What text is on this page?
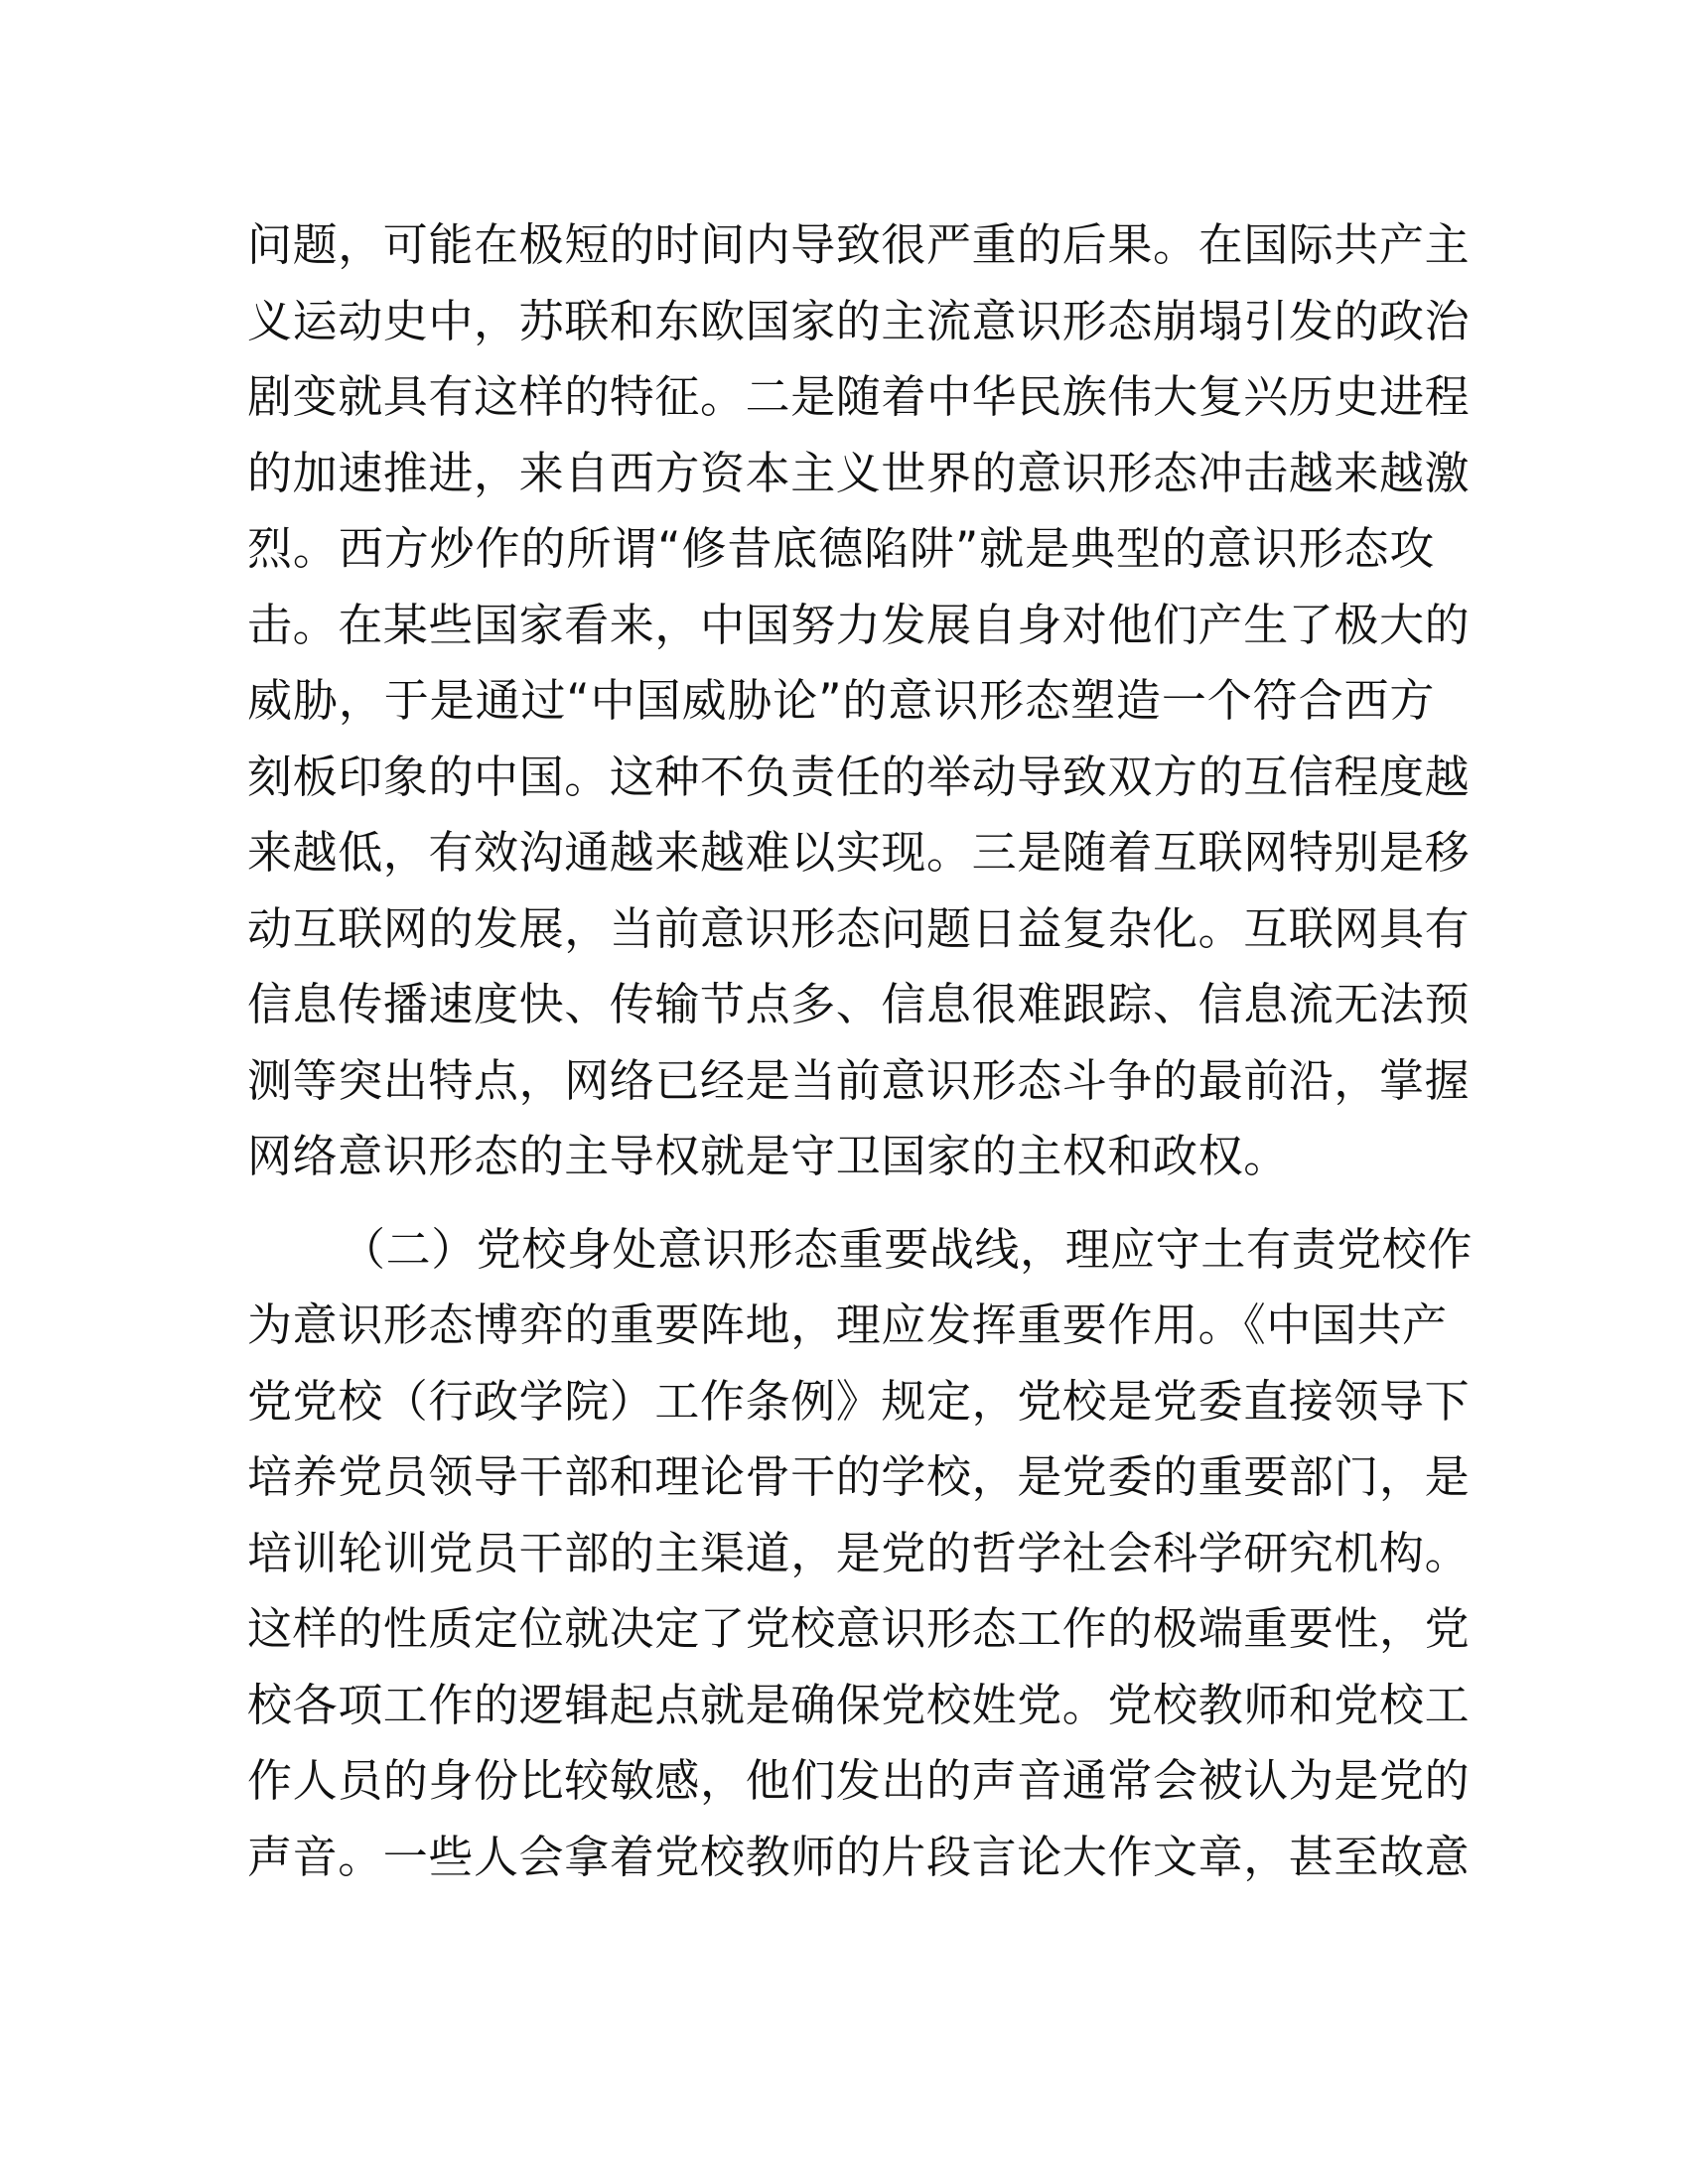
问题，可能在极短的时间内导致很严重的后果。在国际共产主
义运动史中，苏联和东欧国家的主流意识形态崩塌引发的政治
剧变就具有这样的特征。二是随着中华民族伟大复兴历史进程
的加速推进，来自西方资本主义世界的意识形态冲击越来越激
烈。西方炒作的所谓“修昔底德陷阱”就是典型的意识形态攻
击。在某些国家看来，中国努力发展自身对他们产生了极大的
威胁，于是通过“中国威胁论”的意识形态塑造一个符合西方
刻板印象的中国。这种不负责任的举动导致双方的互信程度越
来越低，有效沟通越来越难以实现。三是随着互联网特别是移
动互联网的发展，当前意识形态问题日益复杂化。互联网具有
信息传播速度快、传输节点多、信息很难跟踪、信息流无法预
测等突出特点，网络已经是当前意识形态斗争的最前沿，掌握
网络意识形态的主导权就是守卫国家的主权和政权。
（二）党校身处意识形态重要战线，理应守土有责党校作
为意识形态博弈的重要阵地，理应发挥重要作用。《中国共产
党党校（行政学院）工作条例》规定，党校是党委直接领导下
培养党员领导干部和理论骨干的学校，是党委的重要部门，是
培训轮训党员干部的主渠道，是党的哲学社会科学研究机构。
这样的性质定位就决定了党校意识形态工作的极端重要性，党
校各项工作的逻辑起点就是确保党校姓党。党校教师和党校工
作人员的身份比较敏感，他们发出的声音通常会被认为是党的
声音。一些人会拿着党校教师的片段言论大作文章，甚至故意
